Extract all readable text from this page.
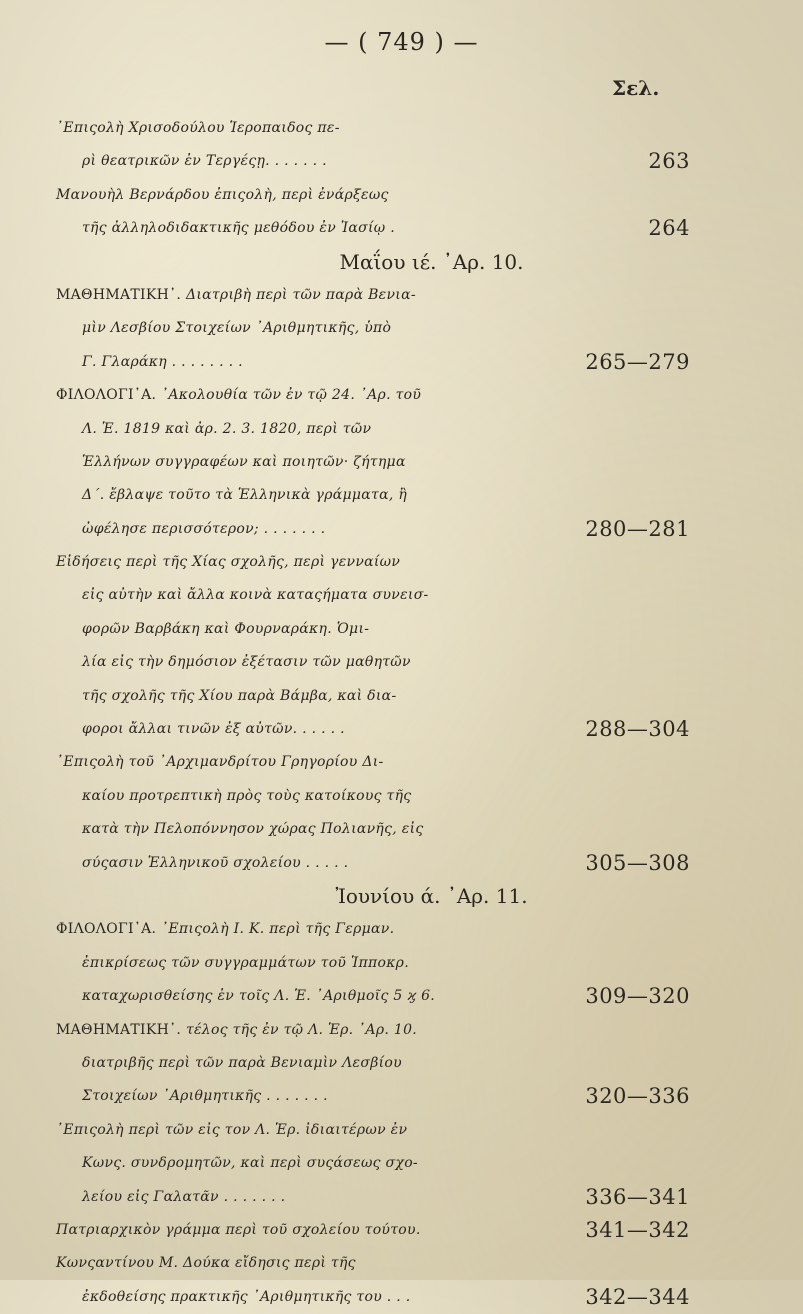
— ( 749 ) —
Σελ.
᾿Επιςολὴ Χρισοδούλου Ἱεροπαιδος πε-
ρὶ θεατρικῶν ἐν Τεργέςῃ. . . . . . .	263
Μανουὴλ Βερνάρδου ἐπιςολὴ, περὶ ἐνάρξεως
τῆς ἀλληλοδιδακτικῆς μεθόδου ἐν Ἰασίῳ .	264
Μαΐου ιέ. ᾿Αρ. 10.
ΜΑΘΗΜΑΤΙΚΗ᾿. Διατριβὴ περὶ τῶν παρὰ Βενια-
μὶν Λεσβίου Στοιχείων ᾿Αριθμητικῆς, ὑπὸ
Γ. Γλαράκη . . . . . . . .	265—279
ΦΙΛΟΛΟΓΙ᾿Α. ᾿Ακολουθία τῶν ἐν τῷ 24. ᾿Αρ. τοῦ
Λ. Ἑ. 1819 καὶ ἀρ. 2. 3. 1820, περὶ τῶν
Ἑλλήνων συγγραφέων καὶ ποιητῶν· ζήτημα
Δ΄. ἔβλαψε τοῦτο τὰ Ἑλληνικὰ γράμματα, ἢ
ὠφέλησε περισσότερον; . . . . . . .	280—281
Εἰδήσεις περὶ τῆς Χίας σχολῆς, περὶ γενναίων
εἰς αὐτὴν καὶ ἄλλα κοινὰ καταςήματα συνεισ-
φορῶν Βαρβάκη καὶ Φουρναράκη. Ὁμι-
λία εἰς τὴν δημόσιον ἐξέτασιν τῶν μαθητῶν
τῆς σχολῆς τῆς Χίου παρὰ Βάμβα, καὶ δια-
φοροι ἄλλαι τινῶν ἐξ αὐτῶν. . . . . .	288—304
᾿Επιςολὴ τοῦ ᾿Αρχιμανδρίτου Γρηγορίου Δι-
καίου προτρεπτικὴ πρὸς τοὺς κατοίκους τῆς
κατὰ τὴν Πελοπόννησον χώρας Πολιανῆς, εἰς
σύςασιν Ἑλληνικοῦ σχολείου . . . . .	305—308
Ἰουνίου ά. ᾿Αρ. 11.
ΦΙΛΟΛΟΓΙ᾿Α. ᾿Επιςολὴ Ι. Κ. περὶ τῆς Γερμαν.
ἐπικρίσεως τῶν συγγραμμάτων τοῦ Ἱπποκρ.
καταχωρισθείσης ἐν τοῖς Λ. Ἑ. ᾿Αριθμοῖς 5 ϗ 6.	309—320
ΜΑΘΗΜΑΤΙΚΗ᾿. τέλος τῆς ἐν τῷ Λ. Ἑρ. ᾿Αρ. 10.
διατριβῆς περὶ τῶν παρὰ Βενιαμὶν Λεσβίου
Στοιχείων ᾿Αριθμητικῆς . . . . . . .	320—336
᾿Επιςολὴ περὶ τῶν εἰς τον Λ. Ἑρ. ἰδιαιτέρων ἐν
Κωνς. συνδρομητῶν, καὶ περὶ συςάσεως σχο-
λείου εἰς Γαλατᾶν . . . . . . .	336—341
Πατριαρχικὸν γράμμα περὶ τοῦ σχολείου τούτου.	341—342
Κωνςαντίνου Μ. Δούκα εἴδησις περὶ τῆς
ἐκδοθείσης πρακτικῆς ᾿Αριθμητικῆς του . . .	342—344
